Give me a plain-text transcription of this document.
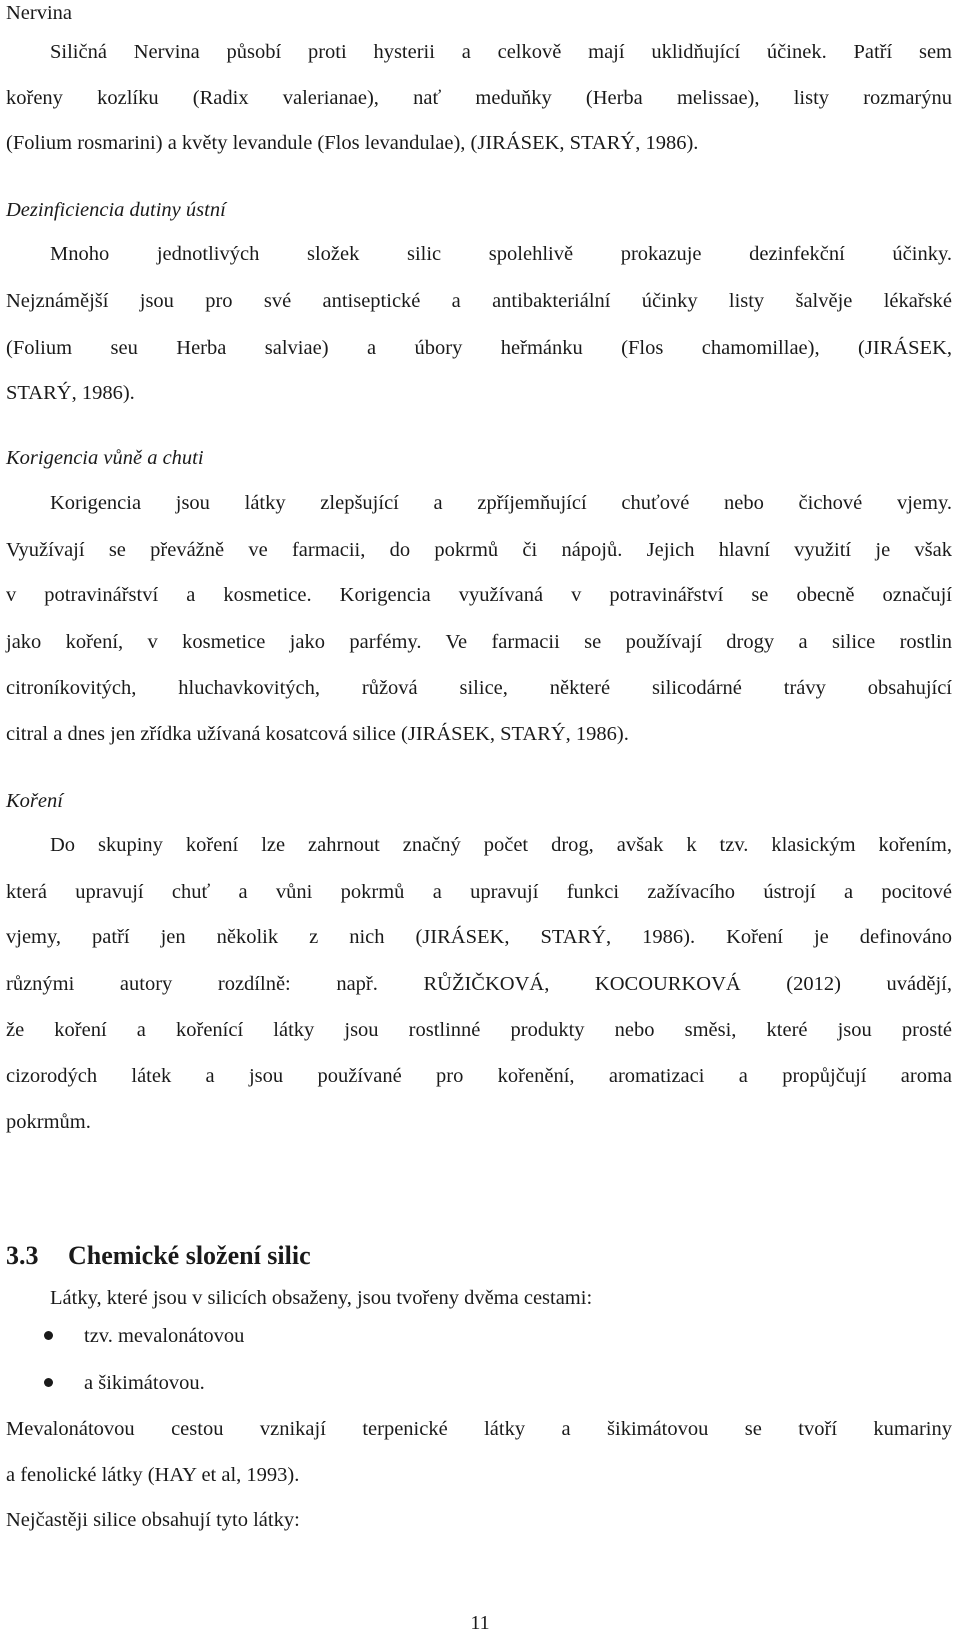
Nervina
Siličná Nervina působí proti hysterii a celkově mají uklidňující účinek. Patří sem
kořeny kozlíku (Radix valerianae), nať meduňky (Herba melissae), listy rozmarýnu
(Folium rosmarini) a květy levandule (Flos levandulae), (JIRÁSEK, STARÝ, 1986).
Dezinficiencia dutiny ústní
Mnoho jednotlivých složek silic spolehlivě prokazuje dezinfekční účinky.
Nejznámější jsou pro své antiseptické a antibakteriální účinky listy šalvěje lékařské
(Folium seu Herba salviae) a úbory heřmánku (Flos chamomillae), (JIRÁSEK,
STARÝ, 1986).
Korigencia vůně a chuti
Korigencia jsou látky zlepšující a zpříjemňující chuťové nebo čichové vjemy.
Využívají se převážně ve farmacii, do pokrmů či nápojů. Jejich hlavní využití je však
v potravinářství a kosmetice. Korigencia využívaná v potravinářství se obecně označují
jako koření, v kosmetice jako parfémy. Ve farmacii se používají drogy a silice rostlin
citroníkovitých, hluchavkovitých, růžová silice, některé silicodárné trávy obsahující
citral a dnes jen zřídka užívaná kosatcová silice (JIRÁSEK, STARÝ, 1986).
Koření
Do skupiny koření lze zahrnout značný počet drog, avšak k tzv. klasickým kořením,
která upravují chuť a vůni pokrmů a upravují funkci zažívacího ústrojí a pocitové
vjemy, patří jen několik z nich (JIRÁSEK, STARÝ, 1986). Koření je definováno
různými autory rozdílně: např. RŮŽIČKOVÁ, KOCOURKOVÁ (2012) uvádějí,
že koření a kořenící látky jsou rostlinné produkty nebo směsi, které jsou prosté
cizorodých látek a jsou používané pro kořenění, aromatizaci a propůjčují aroma
pokrmům.
3.3 Chemické složení silic
Látky, které jsou v silicích obsaženy, jsou tvořeny dvěma cestami:
tzv. mevalonátovou
a šikimátovou.
Mevalonátovou cestou vznikají terpenické látky a šikimátovou se tvoří kumariny
a fenolické látky (HAY et al, 1993).
Nejčastěji silice obsahují tyto látky:
11
